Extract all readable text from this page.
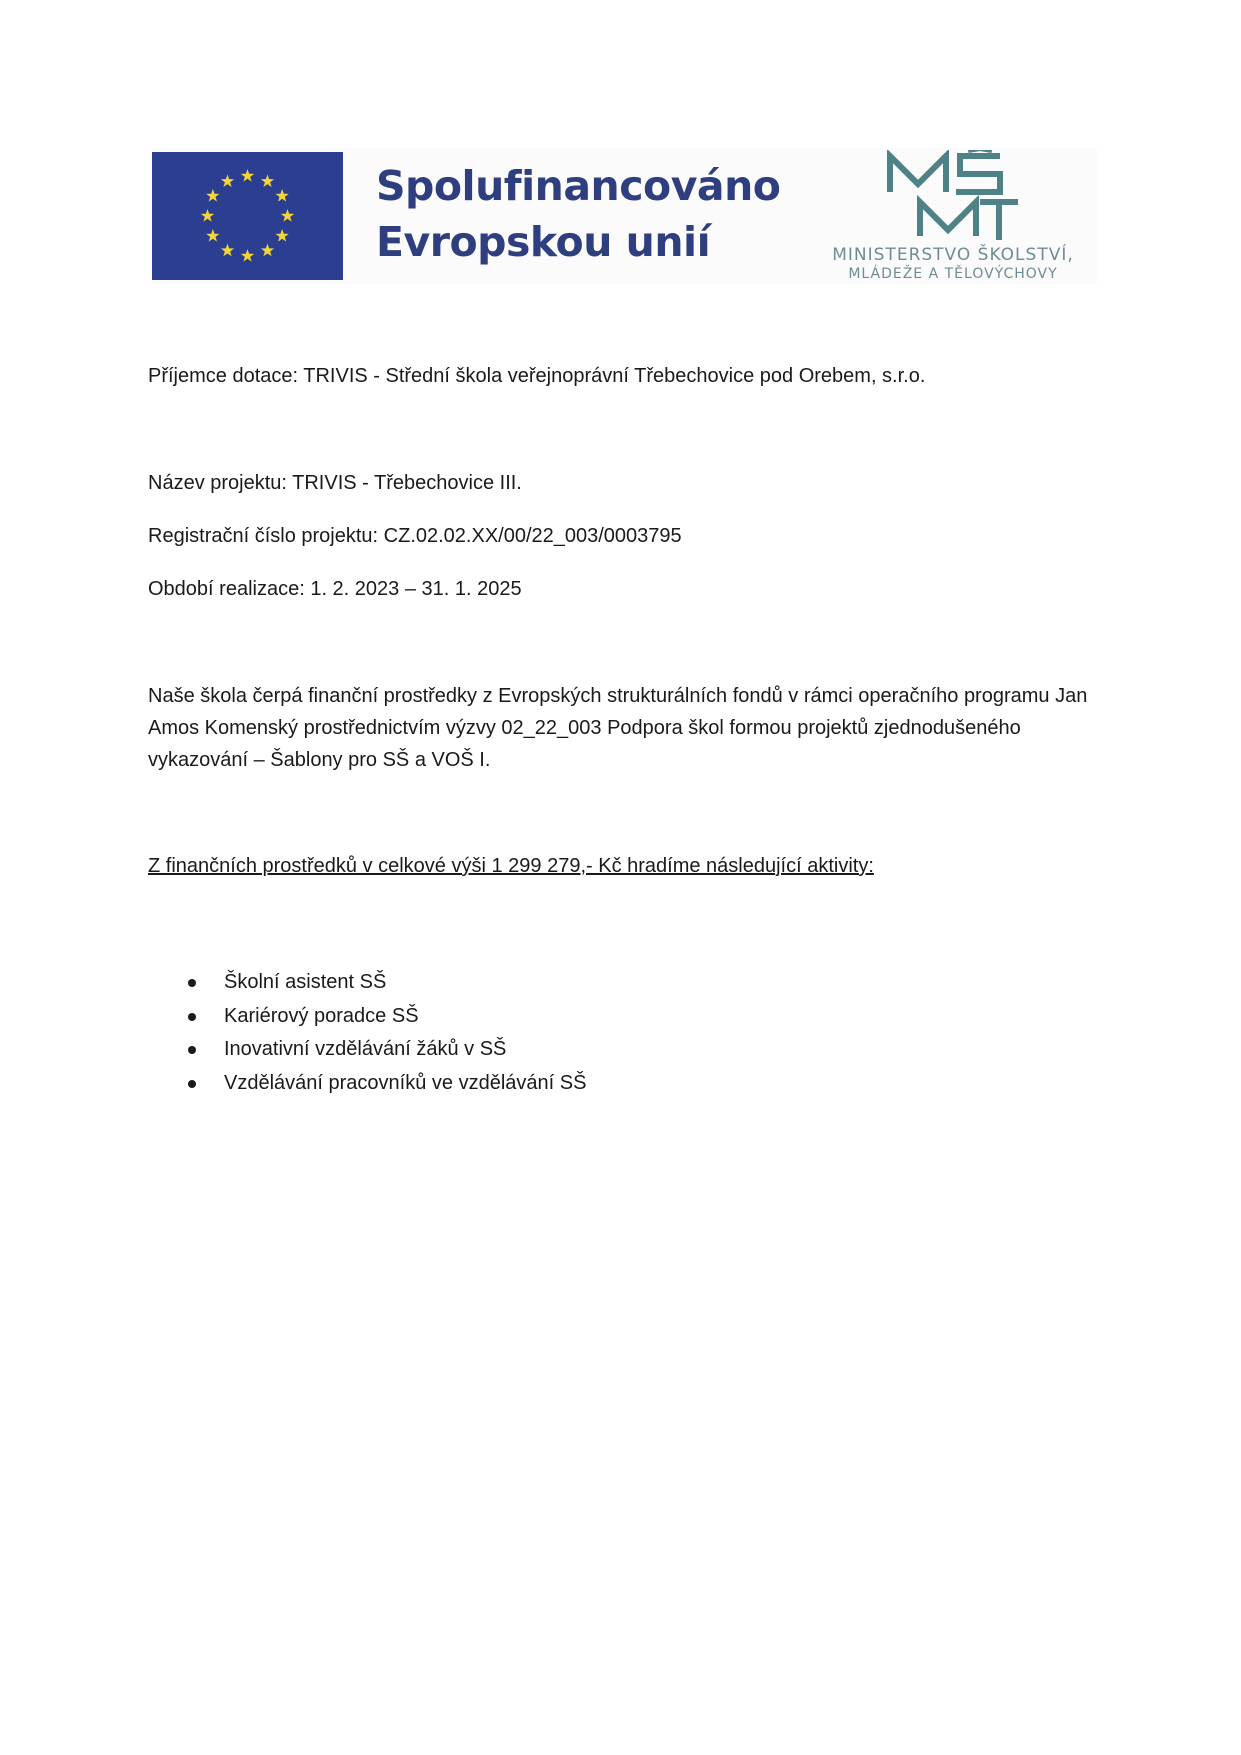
Spolufinancováno
Evropskou unií
MŠMT
MINISTERSTVO ŠKOLSTVÍ,
MLÁDEŽE A TĚLOVÝCHOVY
Příjemce dotace: TRIVIS - Střední škola veřejnoprávní Třebechovice pod Orebem, s.r.o.
Název projektu: TRIVIS - Třebechovice III.
Registrační číslo projektu: CZ.02.02.XX/00/22_003/0003795
Období realizace: 1. 2. 2023 – 31. 1. 2025
Naše škola čerpá finanční prostředky z Evropských strukturálních fondů v rámci operačního programu Jan Amos Komenský prostřednictvím výzvy 02_22_003 Podpora škol formou projektů zjednodušeného vykazování – Šablony pro SŠ a VOŠ I.
Z finančních prostředků v celkové výši 1 299 279,- Kč hradíme následující aktivity:
Školní asistent SŠ
Kariérový poradce SŠ
Inovativní vzdělávání žáků v SŠ
Vzdělávání pracovníků ve vzdělávání SŠ
